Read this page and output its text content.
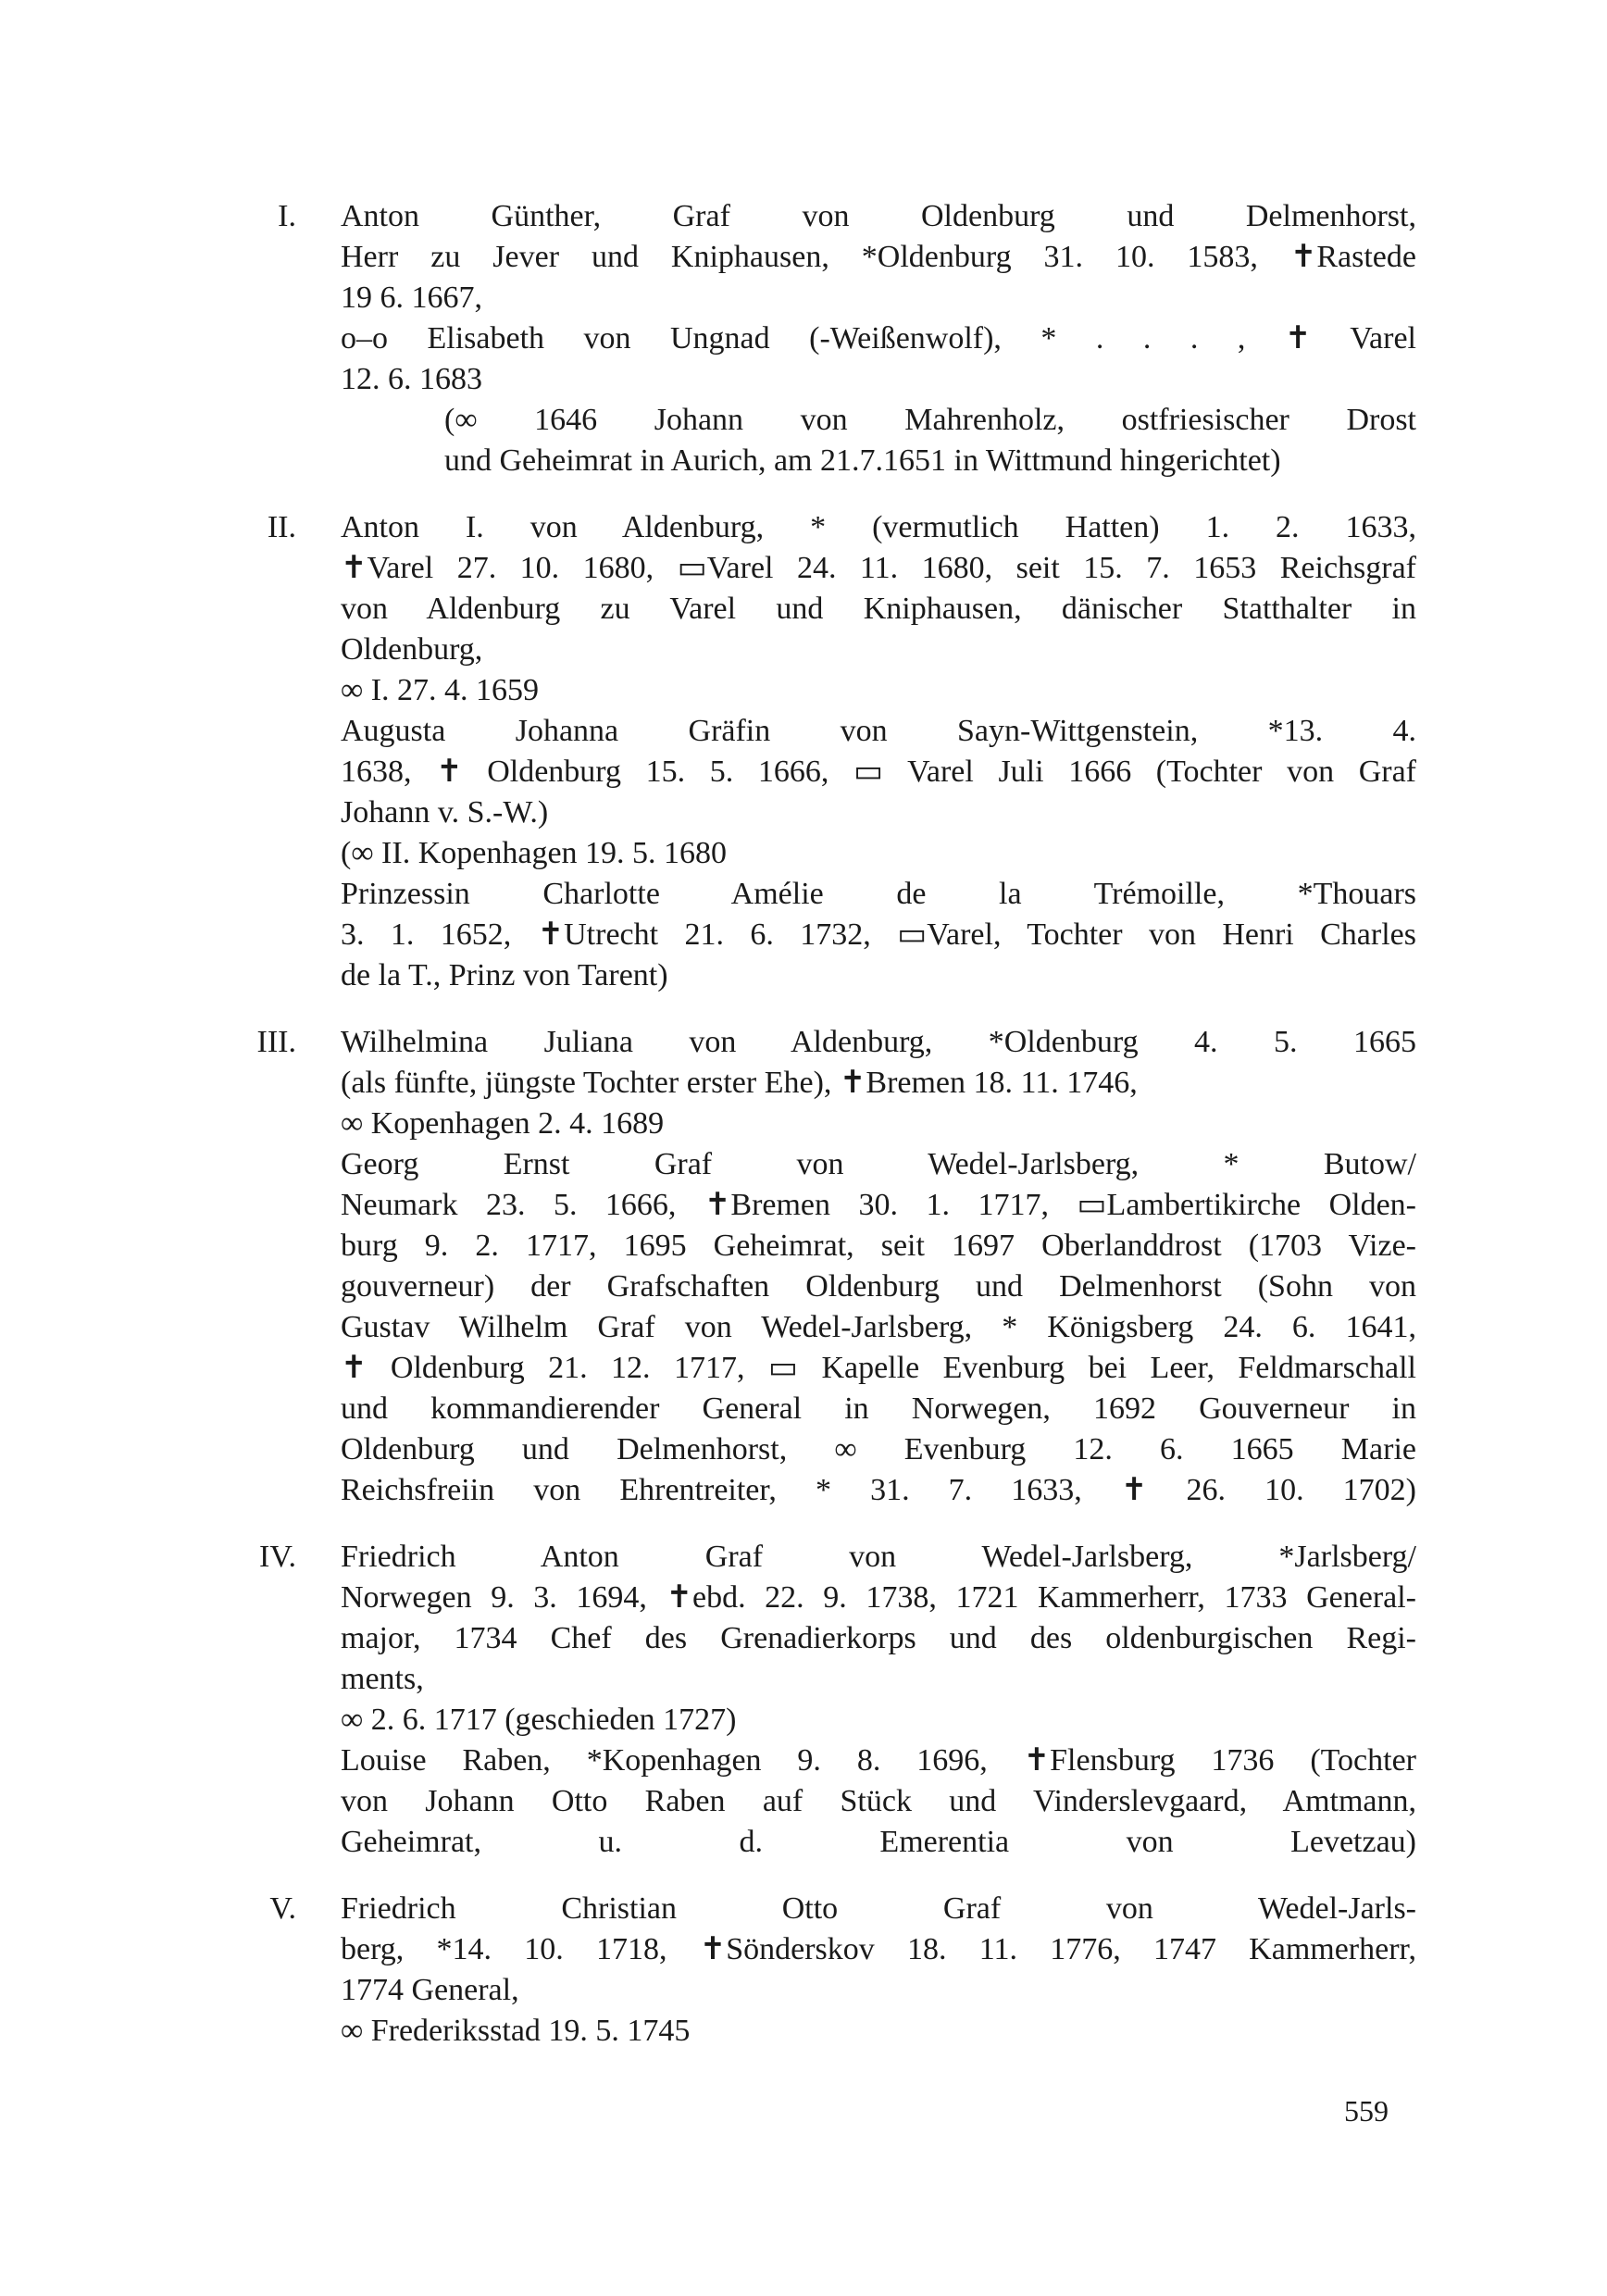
I. Anton Günther, Graf von Oldenburg und Delmenhorst,
Herr zu Jever und Kniphausen, *Oldenburg 31. 10. 1583, ✝Rastede
19 6. 1667,
o–o Elisabeth von Ungnad (-Weißenwolf), * . . . , ✝ Varel
12. 6. 1683
(∞ 1646 Johann von Mahrenholz, ostfriesischer Drost
und Geheimrat in Aurich, am 21.7.1651 in Wittmund hingerichtet)
II. Anton I. von Aldenburg, * (vermutlich Hatten) 1. 2. 1633,
✝Varel 27. 10. 1680, ▭Varel 24. 11. 1680, seit 15. 7. 1653 Reichsgraf
von Aldenburg zu Varel und Kniphausen, dänischer Statthalter in
Oldenburg,
∞ I. 27. 4. 1659
Augusta Johanna Gräfin von Sayn-Wittgenstein, *13. 4.
1638, ✝ Oldenburg 15. 5. 1666, ▭ Varel Juli 1666 (Tochter von Graf
Johann v. S.-W.)
(∞ II. Kopenhagen 19. 5. 1680
Prinzessin Charlotte Amélie de la Trémoille, *Thouars
3. 1. 1652, ✝Utrecht 21. 6. 1732, ▭Varel, Tochter von Henri Charles
de la T., Prinz von Tarent)
III. Wilhelmina Juliana von Aldenburg, *Oldenburg 4. 5. 1665
(als fünfte, jüngste Tochter erster Ehe), ✝Bremen 18. 11. 1746,
∞ Kopenhagen 2. 4. 1689
Georg Ernst Graf von Wedel-Jarlsberg, * Butow/
Neumark 23. 5. 1666, ✝Bremen 30. 1. 1717, ▭Lambertikirche Olden-
burg 9. 2. 1717, 1695 Geheimrat, seit 1697 Oberlanddrost (1703 Vize-
gouverneur) der Grafschaften Oldenburg und Delmenhorst (Sohn von
Gustav Wilhelm Graf von Wedel-Jarlsberg, * Königsberg 24. 6. 1641,
✝ Oldenburg 21. 12. 1717, ▭ Kapelle Evenburg bei Leer, Feldmarschall
und kommandierender General in Norwegen, 1692 Gouverneur in
Oldenburg und Delmenhorst, ∞ Evenburg 12. 6. 1665 Marie
Reichsfreiin von Ehrentreiter, * 31. 7. 1633, ✝ 26. 10. 1702)
IV. Friedrich Anton Graf von Wedel-Jarlsberg, *Jarlsberg/
Norwegen 9. 3. 1694, ✝ebd. 22. 9. 1738, 1721 Kammerherr, 1733 General-
major, 1734 Chef des Grenadierkorps und des oldenburgischen Regi-
ments,
∞ 2. 6. 1717 (geschieden 1727)
Louise Raben, *Kopenhagen 9. 8. 1696, ✝Flensburg 1736 (Tochter
von Johann Otto Raben auf Stück und Vinderslevgaard, Amtmann,
Geheimrat, u. d. Emerentia von Levetzau)
V. Friedrich Christian Otto Graf von Wedel-Jarls-
berg, *14. 10. 1718, ✝Sönderskov 18. 11. 1776, 1747 Kammerherr,
1774 General,
∞ Frederiksstad 19. 5. 1745
559
